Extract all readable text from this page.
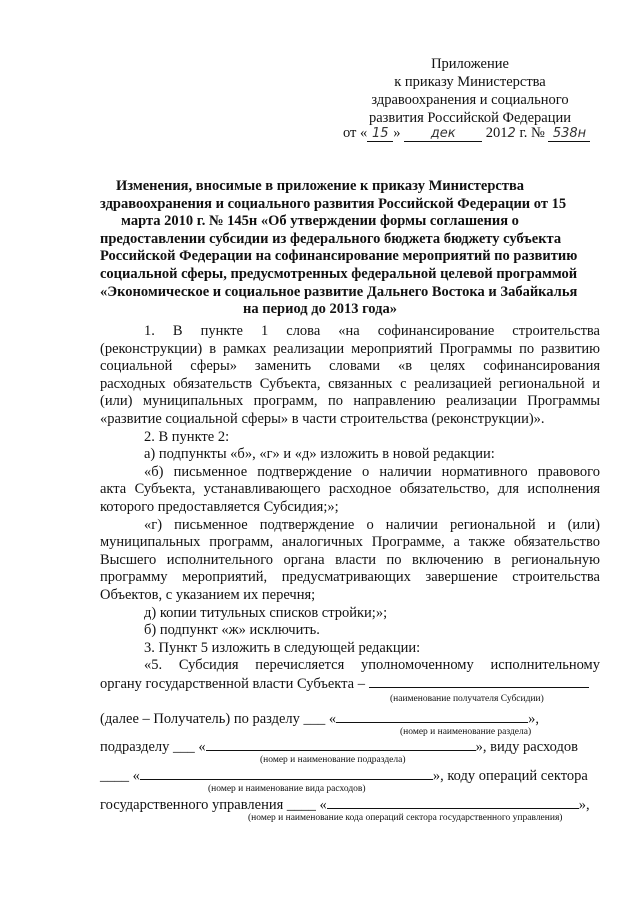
Приложение
к приказу Министерства
здравоохранения и социального
развития Российской Федерации
от « 15 » дек 2012 г. № 538н
Изменения, вносимые в приложение к приказу Министерства
здравоохранения и социального развития Российской Федерации от 15
марта 2010 г. № 145н «Об утверждении формы соглашения о
предоставлении субсидии из федерального бюджета бюджету субъекта
Российской Федерации на софинансирование мероприятий по развитию
социальной сферы, предусмотренных федеральной целевой программой
«Экономическое и социальное развитие Дальнего Востока и Забайкалья
на период до 2013 года»
1. В пункте 1 слова «на софинансирование строительства
(реконструкции) в рамках реализации мероприятий Программы по развитию
социальной сферы» заменить словами «в целях софинансирования
расходных обязательств Субъекта, связанных с реализацией региональной и
(или) муниципальных программ, по направлению реализации Программы
«развитие социальной сферы» в части строительства (реконструкции)».
2. В пункте 2:
а) подпункты «б», «г» и «д» изложить в новой редакции:
«б) письменное подтверждение о наличии нормативного правового
акта Субъекта, устанавливающего расходное обязательство, для исполнения
которого предоставляется Субсидия;»;
«г) письменное подтверждение о наличии региональной и (или)
муниципальных программ, аналогичных Программе, а также обязательство
Высшего исполнительного органа власти по включению в региональную
программу мероприятий, предусматривающих завершение строительства
Объектов, с указанием их перечня;
д) копии титульных списков стройки;»;
б) подпункт «ж» исключить.
3. Пункт 5 изложить в следующей редакции:
«5. Субсидия перечисляется уполномоченному исполнительному
органу государственной власти Субъекта –
(наименование получателя Субсидии)
(далее – Получатель) по разделу ___ «	»,
(номер и наименование раздела)
подразделу ___ «	», виду расходов
(номер и наименование подраздела)
____ «	», коду операций сектора
(номер и наименование вида расходов)
государственного управления ____ «	»,
(номер и наименование кода операций сектора государственного управления)
